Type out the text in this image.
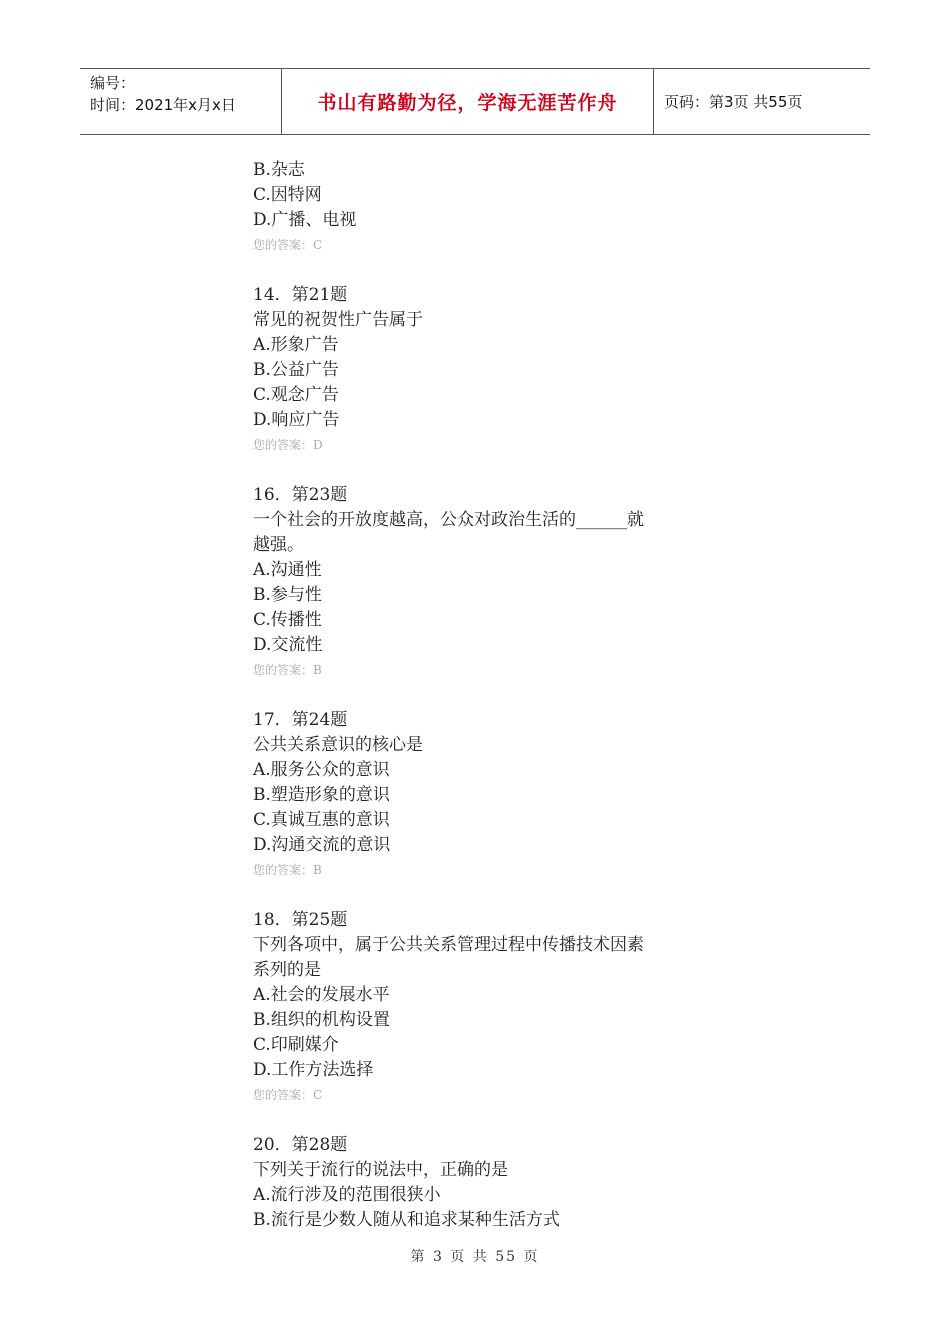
编号：
时间：2021年x月x日	书山有路勤为径，学海无涯苦作舟	页码：第3页 共55页
B.杂志
C.因特网
D.广播、电视
您的答案：C
14．第21题
常见的祝贺性广告属于
A.形象广告
B.公益广告
C.观念广告
D.响应广告
您的答案：D
16．第23题
一个社会的开放度越高，公众对政治生活的______就
越强。
A.沟通性
B.参与性
C.传播性
D.交流性
您的答案：B
17．第24题
公共关系意识的核心是
A.服务公众的意识
B.塑造形象的意识
C.真诚互惠的意识
D.沟通交流的意识
您的答案：B
18．第25题
下列各项中，属于公共关系管理过程中传播技术因素
系列的是
A.社会的发展水平
B.组织的机构设置
C.印刷媒介
D.工作方法选择
您的答案：C
20．第28题
下列关于流行的说法中，正确的是
A.流行涉及的范围很狭小
B.流行是少数人随从和追求某种生活方式
第 3 页 共 55 页
